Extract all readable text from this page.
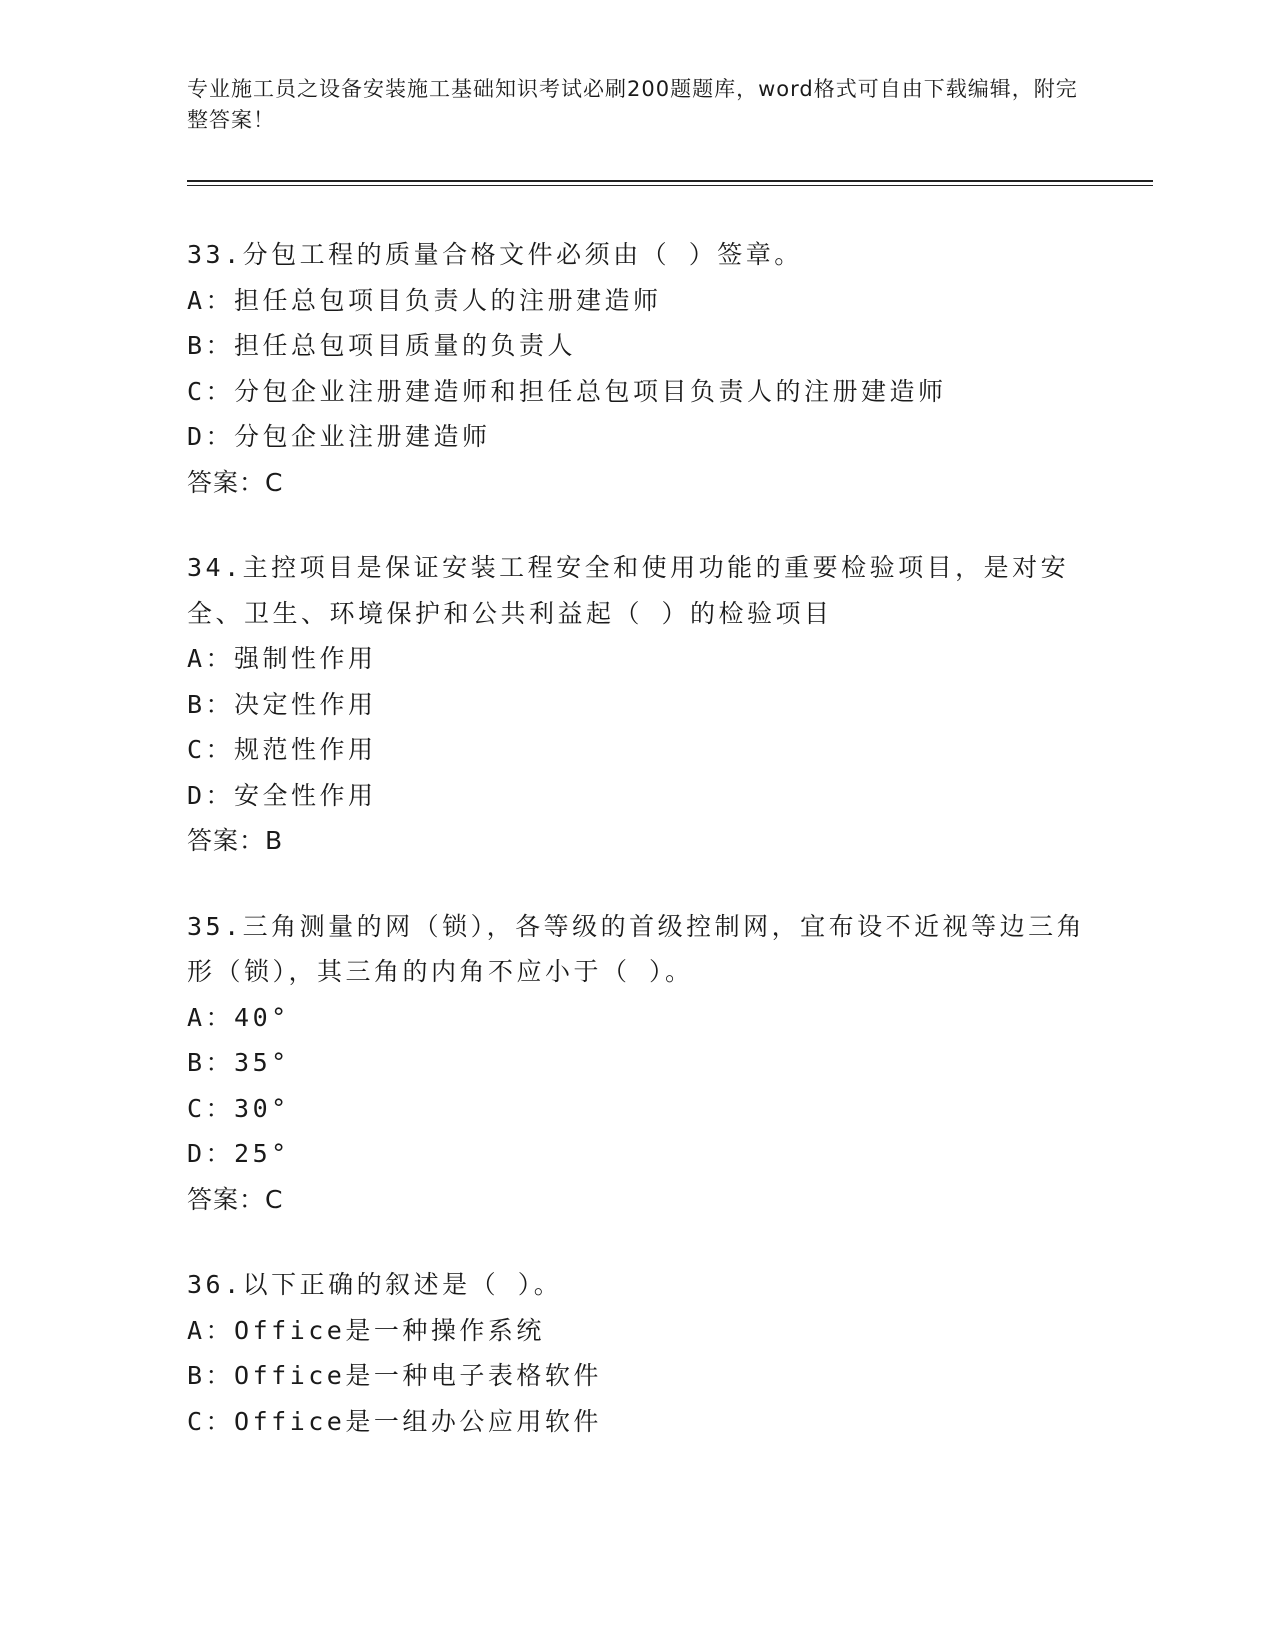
专业施工员之设备安装施工基础知识考试必刷200题题库，word格式可自由下载编辑，附完整答案！
33.分包工程的质量合格文件必须由（ ）签章。
A：担任总包项目负责人的注册建造师
B：担任总包项目质量的负责人
C：分包企业注册建造师和担任总包项目负责人的注册建造师
D：分包企业注册建造师
答案：C
34.主控项目是保证安装工程安全和使用功能的重要检验项目，是对安全、卫生、环境保护和公共利益起（ ）的检验项目
A：强制性作用
B：决定性作用
C：规范性作用
D：安全性作用
答案：B
35.三角测量的网（锁），各等级的首级控制网，宜布设不近视等边三角形（锁），其三角的内角不应小于（ ）。
A：40°
B：35°
C：30°
D：25°
答案：C
36.以下正确的叙述是（ ）。
A：Office是一种操作系统
B：Office是一种电子表格软件
C：Office是一组办公应用软件
